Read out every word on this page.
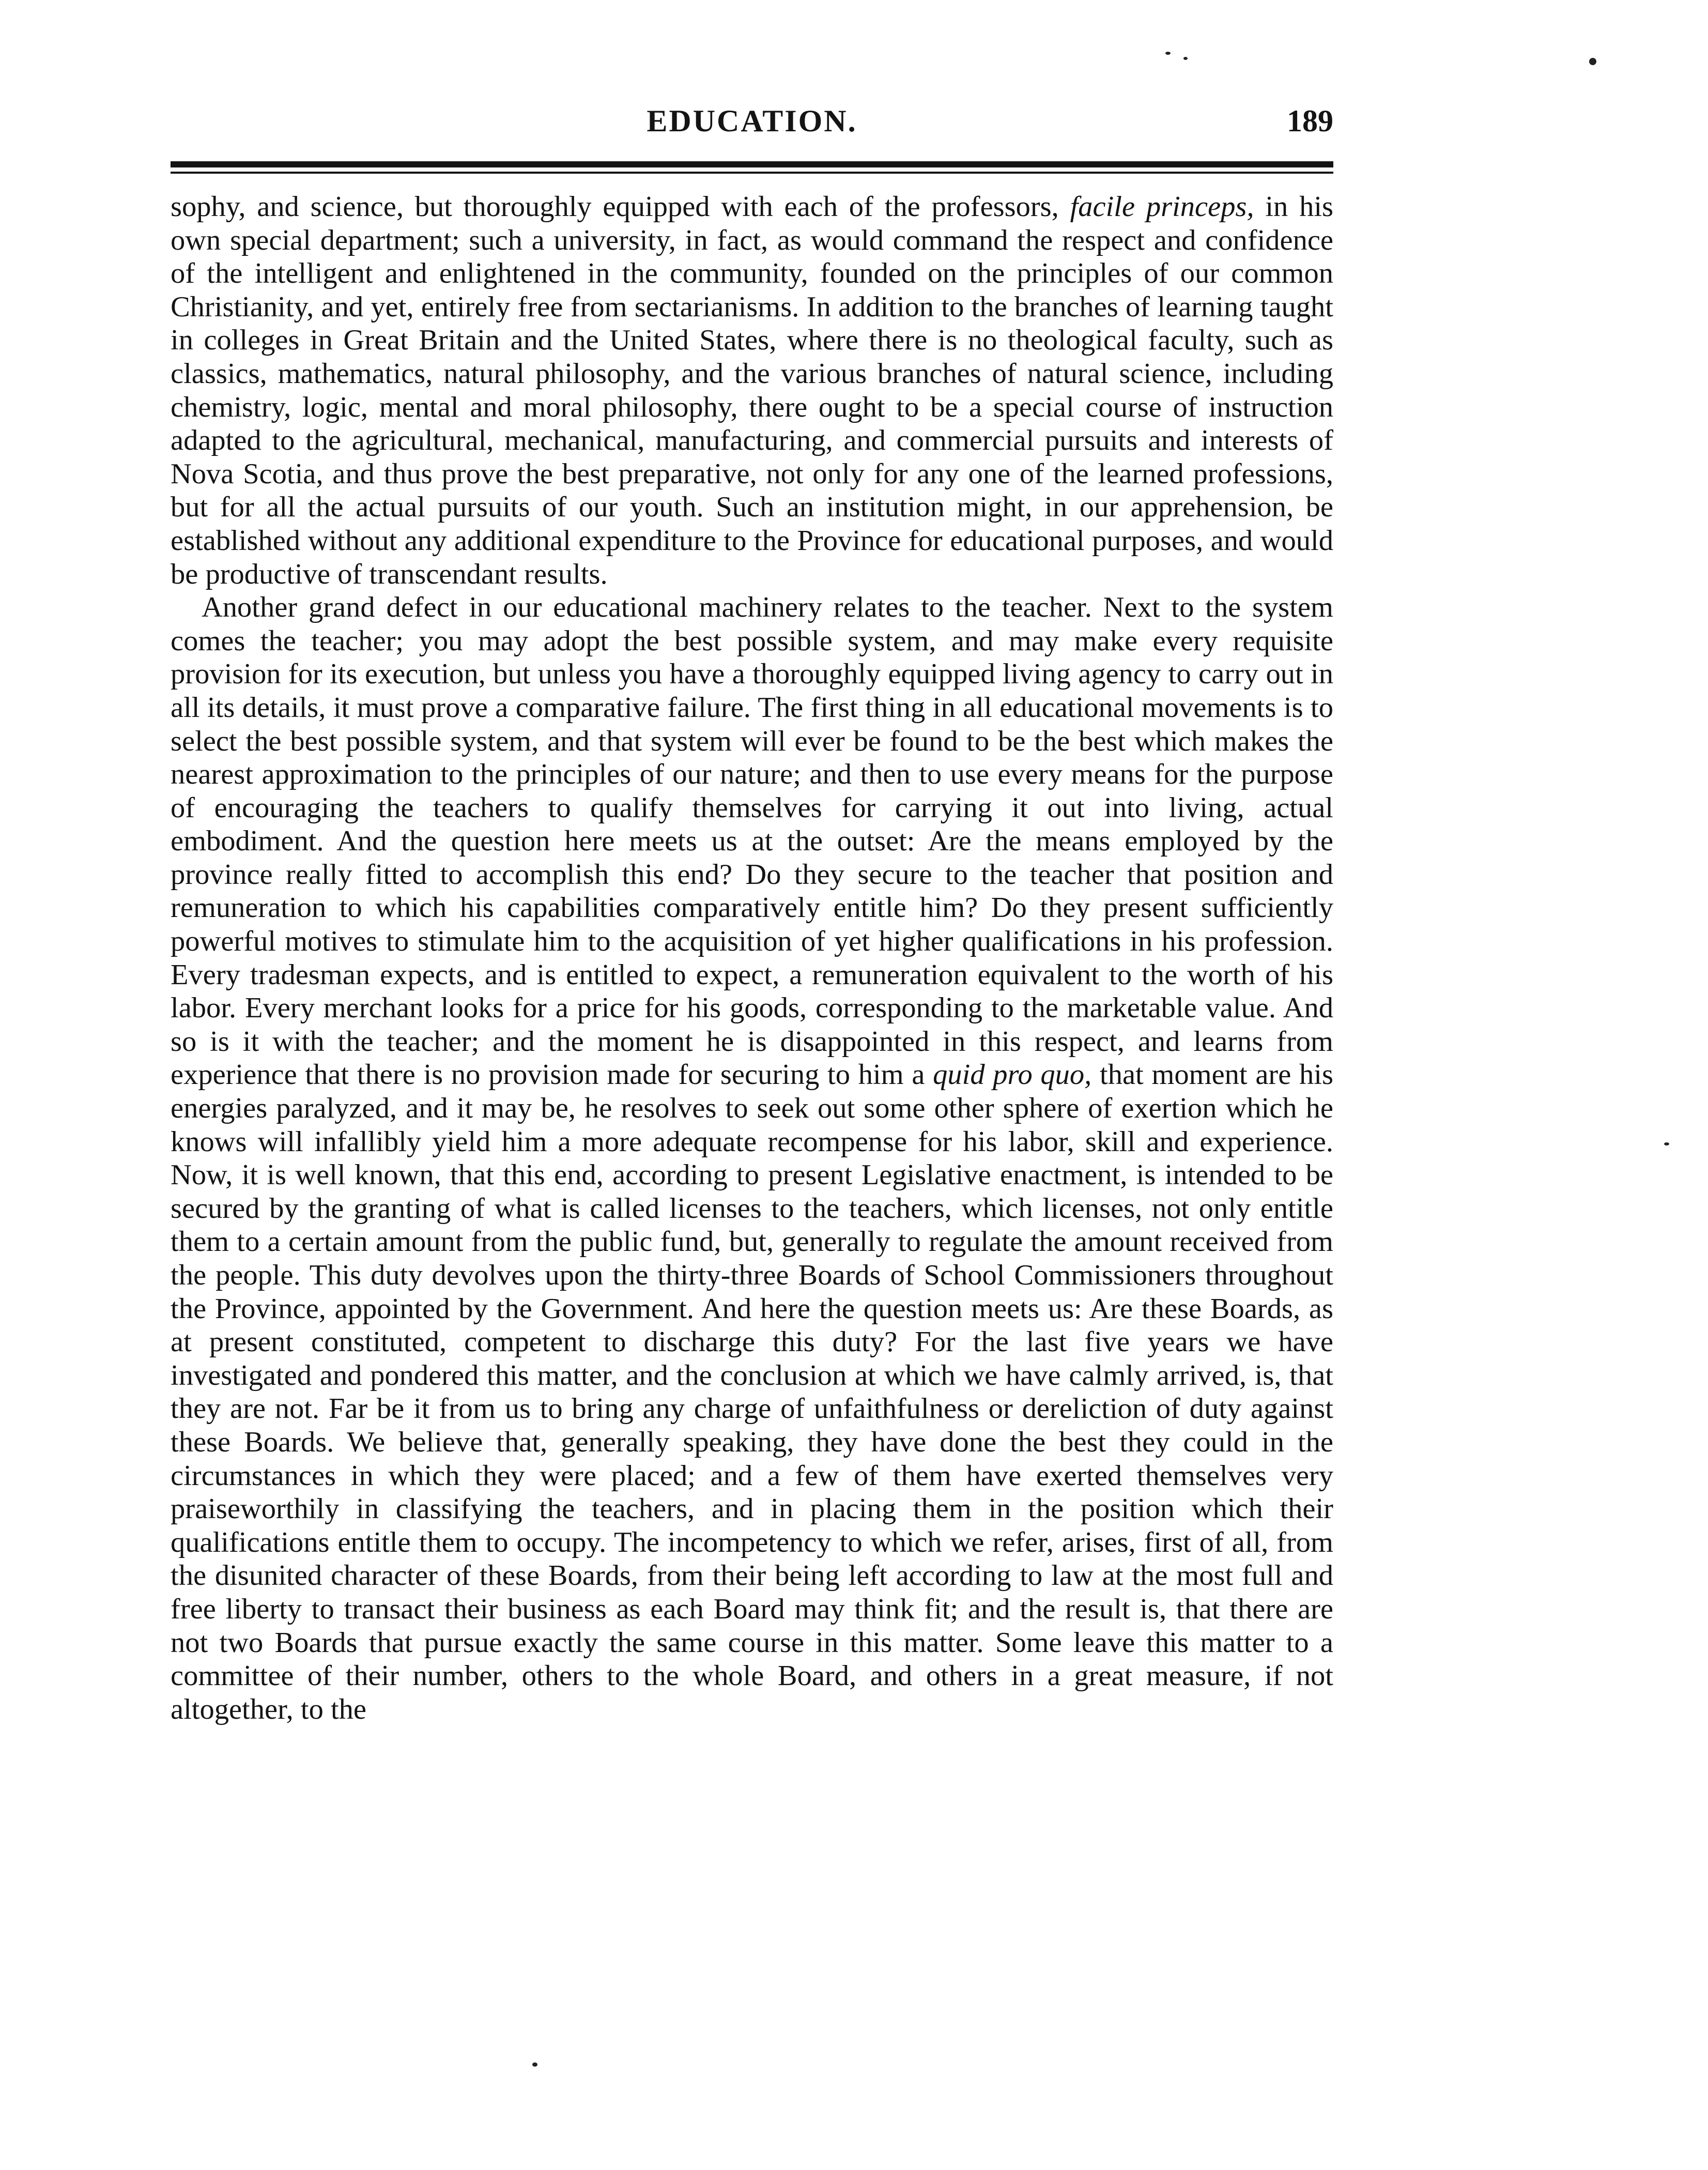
EDUCATION.	189

sophy, and science, but thoroughly equipped with each of the professors, facile princeps, in his own special department; such a university, in fact, as would command the respect and confidence of the intelligent and enlightened in the community, founded on the principles of our common Christianity, and yet, entirely free from sectarianisms. In addition to the branches of learning taught in colleges in Great Britain and the United States, where there is no theological faculty, such as classics, mathematics, natural philosophy, and the various branches of natural science, including chemistry, logic, mental and moral philosophy, there ought to be a special course of instruction adapted to the agricultural, mechanical, manufacturing, and commercial pursuits and interests of Nova Scotia, and thus prove the best preparative, not only for any one of the learned professions, but for all the actual pursuits of our youth. Such an institution might, in our apprehension, be established without any additional expenditure to the Province for educational purposes, and would be productive of transcendant results.

Another grand defect in our educational machinery relates to the teacher. Next to the system comes the teacher; you may adopt the best possible system, and may make every requisite provision for its execution, but unless you have a thoroughly equipped living agency to carry out in all its details, it must prove a comparative failure. The first thing in all educational movements is to select the best possible system, and that system will ever be found to be the best which makes the nearest approximation to the principles of our nature; and then to use every means for the purpose of encouraging the teachers to qualify themselves for carrying it out into living, actual embodiment. And the question here meets us at the outset: Are the means employed by the province really fitted to accomplish this end? Do they secure to the teacher that position and remuneration to which his capabilities comparatively entitle him? Do they present sufficiently powerful motives to stimulate him to the acquisition of yet higher qualifications in his profession. Every tradesman expects, and is entitled to expect, a remuneration equivalent to the worth of his labor. Every merchant looks for a price for his goods, corresponding to the marketable value. And so is it with the teacher; and the moment he is disappointed in this respect, and learns from experience that there is no provision made for securing to him a quid pro quo, that moment are his energies paralyzed, and it may be, he resolves to seek out some other sphere of exertion which he knows will infallibly yield him a more adequate recompense for his labor, skill and experience. Now, it is well known, that this end, according to present Legislative enactment, is intended to be secured by the granting of what is called licenses to the teachers, which licenses, not only entitle them to a certain amount from the public fund, but, generally to regulate the amount received from the people. This duty devolves upon the thirty-three Boards of School Commissioners throughout the Province, appointed by the Government. And here the question meets us: Are these Boards, as at present constituted, competent to discharge this duty? For the last five years we have investigated and pondered this matter, and the conclusion at which we have calmly arrived, is, that they are not. Far be it from us to bring any charge of unfaithfulness or dereliction of duty against these Boards. We believe that, generally speaking, they have done the best they could in the circumstances in which they were placed; and a few of them have exerted themselves very praiseworthily in classifying the teachers, and in placing them in the position which their qualifications entitle them to occupy. The incompetency to which we refer, arises, first of all, from the disunited character of these Boards, from their being left according to law at the most full and free liberty to transact their business as each Board may think fit; and the result is, that there are not two Boards that pursue exactly the same course in this matter. Some leave this matter to a committee of their number, others to the whole Board, and others in a great measure, if not altogether, to the
